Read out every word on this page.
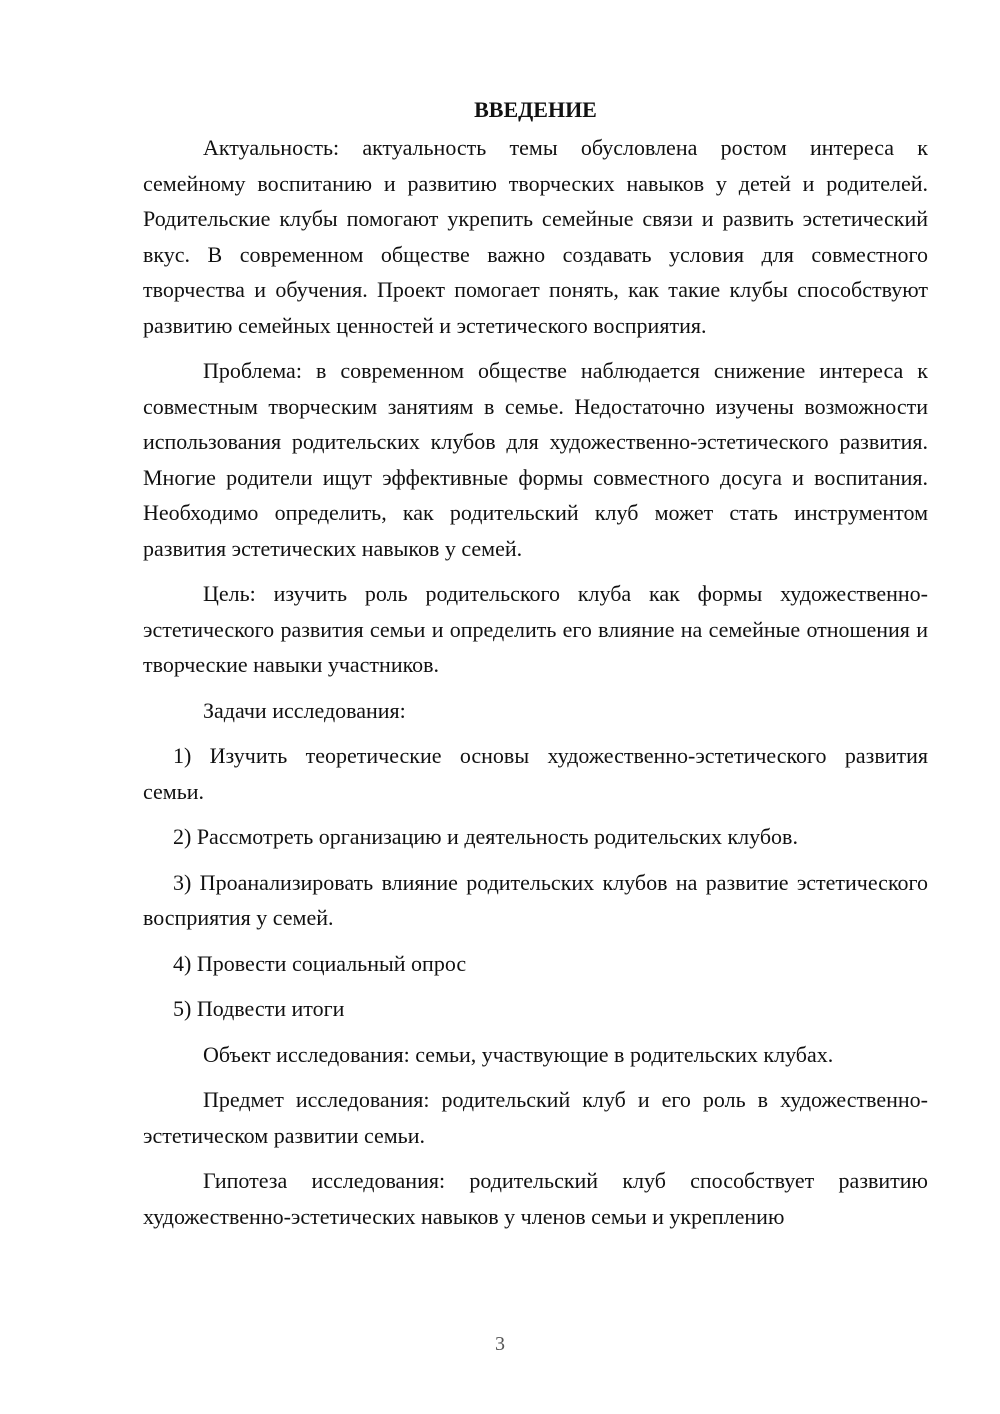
ВВЕДЕНИЕ

Актуальность: актуальность темы обусловлена ростом интереса к семейному воспитанию и развитию творческих навыков у детей и родителей. Родительские клубы помогают укрепить семейные связи и развить эстетический вкус. В современном обществе важно создавать условия для совместного творчества и обучения. Проект помогает понять, как такие клубы способствуют развитию семейных ценностей и эстетического восприятия.

Проблема: в современном обществе наблюдается снижение интереса к совместным творческим занятиям в семье. Недостаточно изучены возможности использования родительских клубов для художественно-эстетического развития. Многие родители ищут эффективные формы совместного досуга и воспитания. Необходимо определить, как родительский клуб может стать инструментом развития эстетических навыков у семей.

Цель: изучить роль родительского клуба как формы художественно-эстетического развития семьи и определить его влияние на семейные отношения и творческие навыки участников.

Задачи исследования:

1) Изучить теоретические основы художественно-эстетического развития семьи.

2) Рассмотреть организацию и деятельность родительских клубов.

3) Проанализировать влияние родительских клубов на развитие эстетического восприятия у семей.

4) Провести социальный опрос

5) Подвести итоги

Объект исследования: семьи, участвующие в родительских клубах.

Предмет исследования: родительский клуб и его роль в художественно-эстетическом развитии семьи.

Гипотеза исследования: родительский клуб способствует развитию художественно-эстетических навыков у членов семьи и укреплению

3
